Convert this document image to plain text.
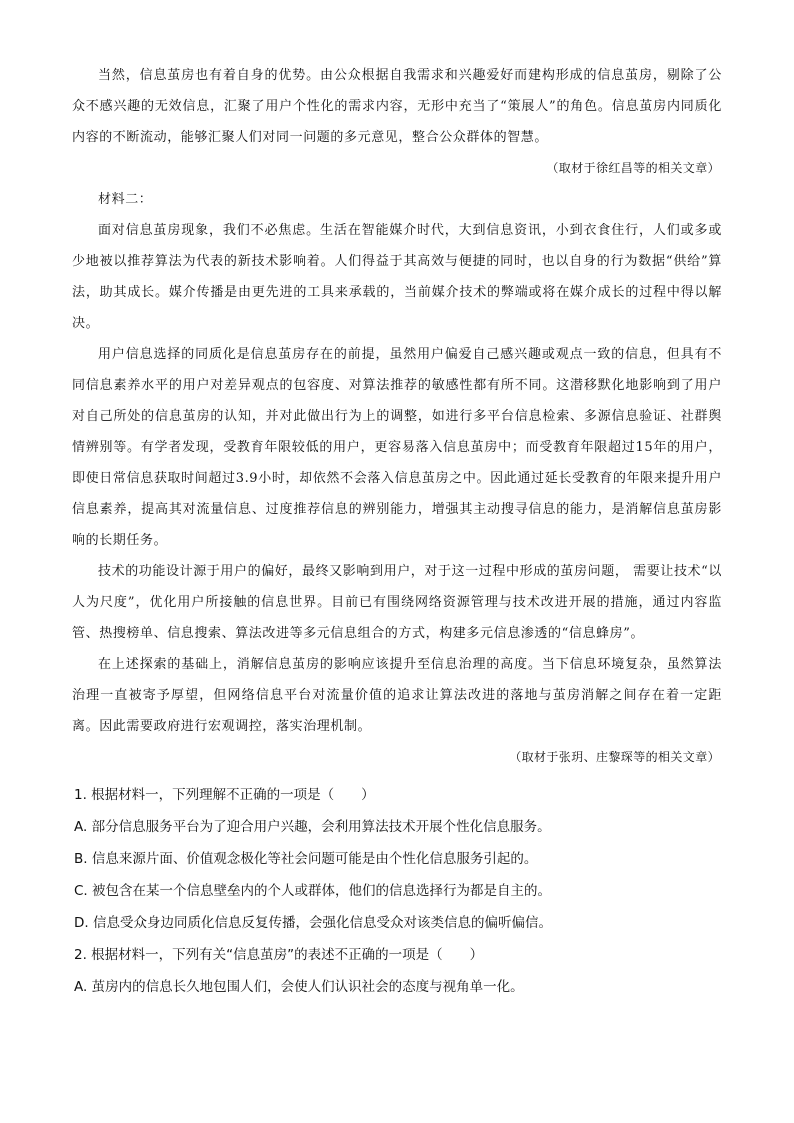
当然，信息茧房也有着自身的优势。由公众根据自我需求和兴趣爱好而建构形成的信息茧房，剔除了公众不感兴趣的无效信息，汇聚了用户个性化的需求内容，无形中充当了“策展人”的角色。信息茧房内同质化内容的不断流动，能够汇聚人们对同一问题的多元意见，整合公众群体的智慧。

（取材于徐红昌等的相关文章）

材料二：

面对信息茧房现象，我们不必焦虑。生活在智能媒介时代，大到信息资讯，小到衣食住行，人们或多或少地被以推荐算法为代表的新技术影响着。人们得益于其高效与便捷的同时，也以自身的行为数据“供给”算法，助其成长。媒介传播是由更先进的工具来承载的，当前媒介技术的弊端或将在媒介成长的过程中得以解决。

用户信息选择的同质化是信息茧房存在的前提，虽然用户偏爱自己感兴趣或观点一致的信息，但具有不同信息素养水平的用户对差异观点的包容度、对算法推荐的敏感性都有所不同。这潜移默化地影响到了用户对自己所处的信息茧房的认知，并对此做出行为上的调整，如进行多平台信息检索、多源信息验证、社群舆情辨别等。有学者发现，受教育年限较低的用户，更容易落入信息茧房中；而受教育年限超过15年的用户，即使日常信息获取时间超过3.9小时，却依然不会落入信息茧房之中。因此通过延长受教育的年限来提升用户信息素养，提高其对流量信息、过度推荐信息的辨别能力，增强其主动搜寻信息的能力，是消解信息茧房影响的长期任务。

技术的功能设计源于用户的偏好，最终又影响到用户，对于这一过程中形成的茧房问题， 需要让技术“以人为尺度”，优化用户所接触的信息世界。目前已有围绕网络资源管理与技术改进开展的措施，通过内容监管、热搜榜单、信息搜索、算法改进等多元信息组合的方式，构建多元信息渗透的“信息蜂房”。

在上述探索的基础上，消解信息茧房的影响应该提升至信息治理的高度。当下信息环境复杂，虽然算法治理一直被寄予厚望，但网络信息平台对流量价值的追求让算法改进的落地与茧房消解之间存在着一定距离。因此需要政府进行宏观调控，落实治理机制。

（取材于张玥、庄黎琛等的相关文章）

1. 根据材料一，下列理解不正确的一项是（　　）

A. 部分信息服务平台为了迎合用户兴趣，会利用算法技术开展个性化信息服务。

B. 信息来源片面、价值观念极化等社会问题可能是由个性化信息服务引起的。

C. 被包含在某一个信息壁垒内的个人或群体，他们的信息选择行为都是自主的。

D. 信息受众身边同质化信息反复传播，会强化信息受众对该类信息的偏听偏信。

2. 根据材料一，下列有关“信息茧房”的表述不正确的一项是（　　）

A. 茧房内的信息长久地包围人们，会使人们认识社会的态度与视角单一化。
